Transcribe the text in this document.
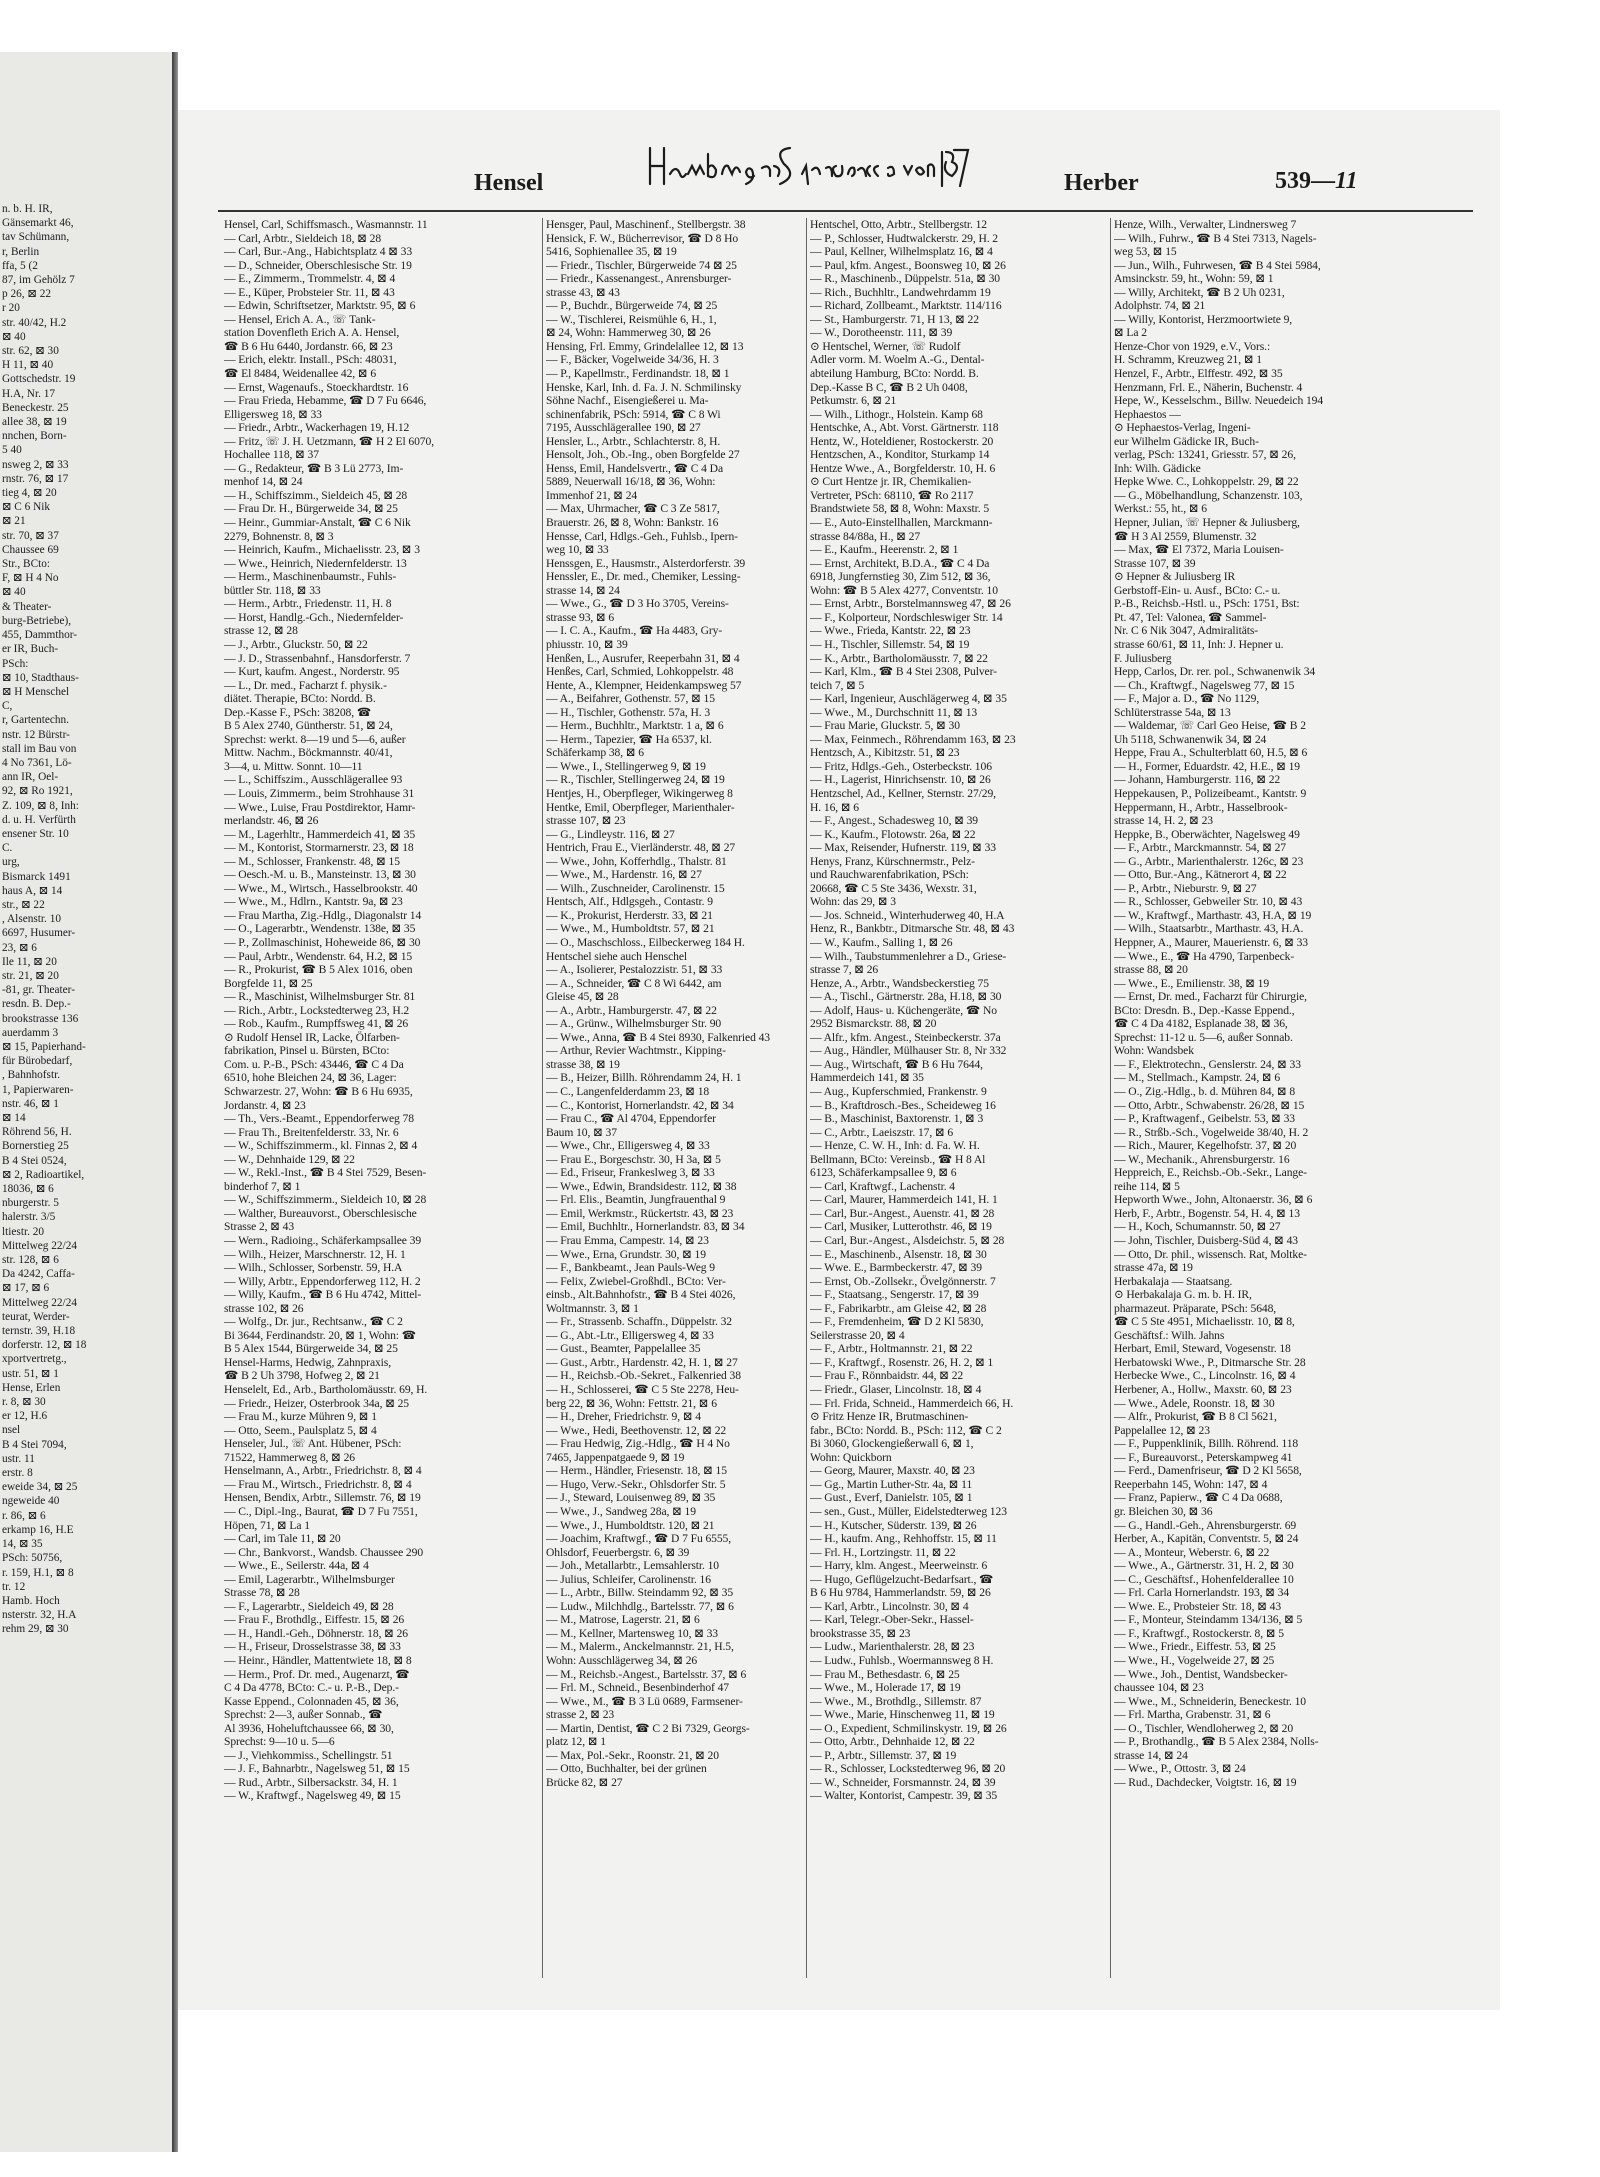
n. b. H. IR,
Gänsemarkt 46,
tav Schümann,
r, Berlin
ffa, 5 (2
87, im Gehölz 7
p 26, ⊠ 22
r 20
str. 40/42, H.2
⊠ 40
str. 62, ⊠ 30
H 11, ⊠ 40
Gottschedstr. 19
H.A, Nr. 17
Beneckestr. 25
allee 38, ⊠ 19
nnchen, Born-
5 40
nsweg 2, ⊠ 33
rnstr. 76, ⊠ 17
tieg 4, ⊠ 20
⊠ C 6 Nik
⊠ 21
str. 70, ⊠ 37
Chaussee 69
Str., BCto:
F, ⊠ H 4 No
⊠ 40
& Theater-
burg-Betriebe),
455, Dammthor-
er IR, Buch-
PSch:
⊠ 10, Stadthaus-
⊠ H Menschel
C,
r, Gartentechn.
nstr. 12 Bürstr-
stall im Bau von
4 No 7361, Lö-
ann IR, Oel-
92, ⊠ Ro 1921,
Z. 109, ⊠ 8, Inh:
d. u. H. Verfürth
ensener Str. 10
C.
urg,
Bismarck 1491
haus A, ⊠ 14
str., ⊠ 22
, Alsenstr. 10
6697, Husumer-
23, ⊠ 6
Ile 11, ⊠ 20
str. 21, ⊠ 20
-81, gr. Theater-
resdn. B. Dep.-
brookstrasse 136
auerdamm 3
⊠ 15, Papierhand-
für Bürobedarf,
, Bahnhofstr.
1, Papierwaren-
nstr. 46, ⊠ 1
⊠ 14
Röhrend 56, H.
Bornerstieg 25
B 4 Stei 0524,
⊠ 2, Radioartikel,
18036, ⊠ 6
nburgerstr. 5
halerstr. 3/5
ltiestr. 20
Mittelweg 22/24
str. 128, ⊠ 6
Da 4242, Caffa-
⊠ 17, ⊠ 6
Mittelweg 22/24
teurat, Werder-
ternstr. 39, H.18
dorferstr. 12, ⊠ 18
xportvertretg.,
ustr. 51, ⊠ 1
Hense, Erlen
r. 8, ⊠ 30
er 12, H.6
nsel
B 4 Stei 7094,
ustr. 11
erstr. 8
eweide 34, ⊠ 25
ngeweide 40
r. 86, ⊠ 6
erkamp 16, H.E
14, ⊠ 35
PSch: 50756,
r. 159, H.1, ⊠ 8
tr. 12
Hamb. Hoch
nsterstr. 32, H.A
rehm 29, ⊠ 30
Hensel	Herber	539—11
Hensel, Carl, Schiffsmasch., Wasmannstr. 11
— Carl, Arbtr., Sieldeich 18, ⊠ 28
— Carl, Bur.-Ang., Habichtsplatz 4 ⊠ 33
— D., Schneider, Oberschlesische Str. 19
— E., Zimmerm., Trommelstr. 4, ⊠ 4
— E., Küper, Probsteier Str. 11, ⊠ 43
— Edwin, Schriftsetzer, Marktstr. 95, ⊠ 6
— Hensel, Erich A. A., ☏ Tank-
station Dovenfleth Erich A. A. Hensel,
☎ B 6 Hu 6440, Jordanstr. 66, ⊠ 23
— Erich, elektr. Install., PSch: 48031,
☎ El 8484, Weidenallee 42, ⊠ 6
— Ernst, Wagenaufs., Stoeckhardtstr. 16
— Frau Frieda, Hebamme, ☎ D 7 Fu 6646,
Elligersweg 18, ⊠ 33
— Friedr., Arbtr., Wackerhagen 19, H.12
— Fritz, ☏ J. H. Uetzmann, ☎ H 2 El 6070,
Hochallee 118, ⊠ 37
— G., Redakteur, ☎ B 3 Lü 2773, Im-
menhof 14, ⊠ 24
— H., Schiffszimm., Sieldeich 45, ⊠ 28
— Frau Dr. H., Bürgerweide 34, ⊠ 25
— Heinr., Gummiar-Anstalt, ☎ C 6 Nik
2279, Bohnenstr. 8, ⊠ 3
— Heinrich, Kaufm., Michaelisstr. 23, ⊠ 3
— Wwe., Heinrich, Niedernfelderstr. 13
— Herm., Maschinenbaumstr., Fuhls-
büttler Str. 118, ⊠ 33
— Herm., Arbtr., Friedenstr. 11, H. 8
— Horst, Handlg.-Gch., Niedernfelder-
strasse 12, ⊠ 28
— J., Arbtr., Gluckstr. 50, ⊠ 22
— J. D., Strassenbahnf., Hansdorferstr. 7
— Kurt, kaufm. Angest., Norderstr. 95
— L., Dr. med., Facharzt f. physik.-
diätet. Therapie, BCto: Nordd. B.
Dep.-Kasse F., PSch: 38208, ☎
B 5 Alex 2740, Güntherstr. 51, ⊠ 24,
Sprechst: werkt. 8—19 und 5—6, außer
Mittw. Nachm., Böckmannstr. 40/41,
3—4, u. Mittw. Sonnt. 10—11
— L., Schiffszim., Ausschlägerallee 93
— Louis, Zimmerm., beim Strohhause 31
— Wwe., Luise, Frau Postdirektor, Hamr-
merlandstr. 46, ⊠ 26
— M., Lagerhltr., Hammerdeich 41, ⊠ 35
— M., Kontorist, Stormarnerstr. 23, ⊠ 18
— M., Schlosser, Frankenstr. 48, ⊠ 15
— Oesch.-M. u. B., Mansteinstr. 13, ⊠ 30
— Wwe., M., Wirtsch., Hasselbrookstr. 40
— Wwe., M., Hdlrn., Kantstr. 9a, ⊠ 23
— Frau Martha, Zig.-Hdlg., Diagonalstr 14
— O., Lagerarbtr., Wendenstr. 138e, ⊠ 35
— P., Zollmaschinist, Hoheweide 86, ⊠ 30
— Paul, Arbtr., Wendenstr. 64, H.2, ⊠ 15
— R., Prokurist, ☎ B 5 Alex 1016, oben
Borgfelde 11, ⊠ 25
— R., Maschinist, Wilhelmsburger Str. 81
— Rich., Arbtr., Lockstedterweg 23, H.2
— Rob., Kaufm., Rumpffsweg 41, ⊠ 26
⊙ Rudolf Hensel IR, Lacke, Ölfarben-
fabrikation, Pinsel u. Bürsten, BCto:
Com. u. P.-B., PSch: 43446, ☎ C 4 Da
6510, hohe Bleichen 24, ⊠ 36, Lager:
Schwarzestr. 27, Wohn: ☎ B 6 Hu 6935,
Jordanstr. 4, ⊠ 23
— Th., Vers.-Beamt., Eppendorferweg 78
— Frau Th., Breitenfelderstr. 33, Nr. 6
— W., Schiffszimmerm., kl. Finnas 2, ⊠ 4
— W., Dehnhaide 129, ⊠ 22
— W., Rekl.-Inst., ☎ B 4 Stei 7529, Besen-
binderhof 7, ⊠ 1
— W., Schiffszimmerm., Sieldeich 10, ⊠ 28
— Walther, Bureauvorst., Oberschlesische
Strasse 2, ⊠ 43
— Wern., Radioing., Schäferkampsallee 39
— Wilh., Heizer, Marschnerstr. 12, H. 1
— Wilh., Schlosser, Sorbenstr. 59, H.A
— Willy, Arbtr., Eppendorferweg 112, H. 2
— Willy, Kaufm., ☎ B 6 Hu 4742, Mittel-
strasse 102, ⊠ 26
— Wolfg., Dr. jur., Rechtsanw., ☎ C 2
Bi 3644, Ferdinandstr. 20, ⊠ 1, Wohn: ☎
B 5 Alex 1544, Bürgerweide 34, ⊠ 25
Hensel-Harms, Hedwig, Zahnpraxis,
☎ B 2 Uh 3798, Hofweg 2, ⊠ 21
Henselelt, Ed., Arb., Bartholomäusstr. 69, H.
— Friedr., Heizer, Osterbrook 34a, ⊠ 25
— Frau M., kurze Mühren 9, ⊠ 1
— Otto, Seem., Paulsplatz 5, ⊠ 4
Henseler, Jul., ☏ Ant. Hübener, PSch:
71522, Hammerweg 8, ⊠ 26
Henselmann, A., Arbtr., Friedrichstr. 8, ⊠ 4
— Frau M., Wirtsch., Friedrichstr. 8, ⊠ 4
Hensen, Bendix, Arbtr., Sillemstr. 76, ⊠ 19
— C., Dipl.-Ing., Baurat, ☎ D 7 Fu 7551,
Höpen, 71, ⊠ La 1
— Carl, im Tale 11, ⊠ 20
— Chr., Bankvorst., Wandsb. Chaussee 290
— Wwe., E., Seilerstr. 44a, ⊠ 4
— Emil, Lagerarbtr., Wilhelmsburger
Strasse 78, ⊠ 28
— F., Lagerarbtr., Sieldeich 49, ⊠ 28
— Frau F., Brothdlg., Eiffestr. 15, ⊠ 26
— H., Handl.-Geh., Döhnerstr. 18, ⊠ 26
— H., Friseur, Drosselstrasse 38, ⊠ 33
— Heinr., Händler, Mattentwiete 18, ⊠ 8
— Herm., Prof. Dr. med., Augenarzt, ☎
C 4 Da 4778, BCto: C.- u. P.-B., Dep.-
Kasse Eppend., Colonnaden 45, ⊠ 36,
Sprechst: 2—3, außer Sonnab., ☎
Al 3936, Hoheluftchaussee 66, ⊠ 30,
Sprechst: 9—10 u. 5—6
— J., Viehkommiss., Schellingstr. 51
— J. F., Bahnarbtr., Nagelsweg 51, ⊠ 15
— Rud., Arbtr., Silbersackstr. 34, H. 1
— W., Kraftwgf., Nagelsweg 49, ⊠ 15
Hensger, Paul, Maschinenf., Stellbergstr. 38
Hensick, F. W., Bücherrevisor, ☎ D 8 Ho
5416, Sophienallee 35, ⊠ 19
— Friedr., Tischler, Bürgerweide 74 ⊠ 25
— Friedr., Kassenangest., Anrensburger-
strasse 43, ⊠ 43
— P., Buchdr., Bürgerweide 74, ⊠ 25
— W., Tischlerei, Reismühle 6, H., 1,
⊠ 24, Wohn: Hammerweg 30, ⊠ 26
Hensing, Frl. Emmy, Grindelallee 12, ⊠ 13
— F., Bäcker, Vogelweide 34/36, H. 3
— P., Kapellmstr., Ferdinandstr. 18, ⊠ 1
Henske, Karl, Inh. d. Fa. J. N. Schmilinsky
Söhne Nachf., Eisengießerei u. Ma-
schinenfabrik, PSch: 5914, ☎ C 8 Wi
7195, Ausschlägerallee 190, ⊠ 27
Hensler, L., Arbtr., Schlachterstr. 8, H.
Hensolt, Joh., Ob.-Ing., oben Borgfelde 27
Henss, Emil, Handelsvertr., ☎ C 4 Da
5889, Neuerwall 16/18, ⊠ 36, Wohn:
Immenhof 21, ⊠ 24
— Max, Uhrmacher, ☎ C 3 Ze 5817,
Brauerstr. 26, ⊠ 8, Wohn: Bankstr. 16
Hensse, Carl, Hdlgs.-Geh., Fuhlsb., Ipern-
weg 10, ⊠ 33
Henssgen, E., Hausmstr., Alsterdorferstr. 39
Henssler, E., Dr. med., Chemiker, Lessing-
strasse 14, ⊠ 24
— Wwe., G., ☎ D 3 Ho 3705, Vereins-
strasse 93, ⊠ 6
— I. C. A., Kaufm., ☎ Ha 4483, Gry-
phiusstr. 10, ⊠ 39
Henßen, L., Ausrufer, Reeperbahn 31, ⊠ 4
Henßes, Carl, Schmied, Lohkoppelstr. 48
Hente, A., Klempner, Heidenkampsweg 57
— A., Beifahrer, Gothenstr. 57, ⊠ 15
— H., Tischler, Gothenstr. 57a, H. 3
— Herm., Buchhltr., Marktstr. 1 a, ⊠ 6
— Herm., Tapezier, ☎ Ha 6537, kl.
Schäferkamp 38, ⊠ 6
— Wwe., I., Stellingerweg 9, ⊠ 19
— R., Tischler, Stellingerweg 24, ⊠ 19
Hentjes, H., Oberpfleger, Wikingerweg 8
Hentke, Emil, Oberpfleger, Marienthaler-
strasse 107, ⊠ 23
— G., Lindleystr. 116, ⊠ 27
Hentrich, Frau E., Vierländerstr. 48, ⊠ 27
— Wwe., John, Kofferhdlg., Thalstr. 81
— Wwe., M., Hardenstr. 16, ⊠ 27
— Wilh., Zuschneider, Carolinenstr. 15
Hentsch, Alf., Hdlgsgeh., Contastr. 9
— K., Prokurist, Herderstr. 33, ⊠ 21
— Wwe., M., Humboldtstr. 57, ⊠ 21
— O., Maschschloss., Eilbeckerweg 184 H.
Hentschel siehe auch Henschel
— A., Isolierer, Pestalozzistr. 51, ⊠ 33
— A., Schneider, ☎ C 8 Wi 6442, am
Gleise 45, ⊠ 28
— A., Arbtr., Hamburgerstr. 47, ⊠ 22
— A., Grünw., Wilhelmsburger Str. 90
— Wwe., Anna, ☎ B 4 Stei 8930, Falkenried 43
— Arthur, Revier Wachtmstr., Kipping-
strasse 38, ⊠ 19
— B., Heizer, Billh. Röhrendamm 24, H. 1
— C., Langenfelderdamm 23, ⊠ 18
— C., Kontorist, Hornerlandstr. 42, ⊠ 34
— Frau C., ☎ Al 4704, Eppendorfer
Baum 10, ⊠ 37
— Wwe., Chr., Elligersweg 4, ⊠ 33
— Frau E., Borgeschstr. 30, H 3a, ⊠ 5
— Ed., Friseur, Frankeslweg 3, ⊠ 33
— Wwe., Edwin, Brandsidestr. 112, ⊠ 38
— Frl. Elis., Beamtin, Jungfrauenthal 9
— Emil, Werkmstr., Rückertstr. 43, ⊠ 23
— Emil, Buchhltr., Hornerlandstr. 83, ⊠ 34
— Frau Emma, Campestr. 14, ⊠ 23
— Wwe., Erna, Grundstr. 30, ⊠ 19
— F., Bankbeamt., Jean Pauls-Weg 9
— Felix, Zwiebel-Großhdl., BCto: Ver-
einsb., Alt.Bahnhofstr., ☎ B 4 Stei 4026,
Woltmannstr. 3, ⊠ 1
— Fr., Strassenb. Schaffn., Düppelstr. 32
— G., Abt.-Ltr., Elligersweg 4, ⊠ 33
— Gust., Beamter, Pappelallee 35
— Gust., Arbtr., Hardenstr. 42, H. 1, ⊠ 27
— H., Reichsb.-Ob.-Sekret., Falkenried 38
— H., Schlosserei, ☎ C 5 Ste 2278, Heu-
berg 22, ⊠ 36, Wohn: Fettstr. 21, ⊠ 6
— H., Dreher, Friedrichstr. 9, ⊠ 4
— Wwe., Hedi, Beethovenstr. 12, ⊠ 22
— Frau Hedwig, Zig.-Hdlg., ☎ H 4 No
7465, Jappenpatgaede 9, ⊠ 19
— Herm., Händler, Friesenstr. 18, ⊠ 15
— Hugo, Verw.-Sekr., Ohlsdorfer Str. 5
— J., Steward, Louisenweg 89, ⊠ 35
— Wwe., J., Sandweg 28a, ⊠ 19
— Wwe., J., Humboldtstr. 120, ⊠ 21
— Joachim, Kraftwgf., ☎ D 7 Fu 6555,
Ohlsdorf, Feuerbergstr. 6, ⊠ 39
— Joh., Metallarbtr., Lemsahlerstr. 10
— Julius, Schleifer, Carolinenstr. 16
— L., Arbtr., Billw. Steindamm 92, ⊠ 35
— Ludw., Milchhdlg., Bartelsstr. 77, ⊠ 6
— M., Matrose, Lagerstr. 21, ⊠ 6
— M., Kellner, Martensweg 10, ⊠ 33
— M., Malerm., Anckelmannstr. 21, H.5,
Wohn: Ausschlägerweg 34, ⊠ 26
— M., Reichsb.-Angest., Bartelsstr. 37, ⊠ 6
— Frl. M., Schneid., Besenbinderhof 47
— Wwe., M., ☎ B 3 Lü 0689, Farmsener-
strasse 2, ⊠ 23
— Martin, Dentist, ☎ C 2 Bi 7329, Georgs-
platz 12, ⊠ 1
— Max, Pol.-Sekr., Roonstr. 21, ⊠ 20
— Otto, Buchhalter, bei der grünen
Brücke 82, ⊠ 27
Hentschel, Otto, Arbtr., Stellbergstr. 12
— P., Schlosser, Hudtwalckerstr. 29, H. 2
— Paul, Kellner, Wilhelmsplatz 16, ⊠ 4
— Paul, kfm. Angest., Boonsweg 10, ⊠ 26
— R., Maschinenb., Düppelstr. 51a, ⊠ 30
— Rich., Buchhltr., Landwehrdamm 19
— Richard, Zollbeamt., Marktstr. 114/116
— St., Hamburgerstr. 71, H 13, ⊠ 22
— W., Dorotheenstr. 111, ⊠ 39
⊙ Hentschel, Werner, ☏ Rudolf
Adler vorm. M. Woelm A.-G., Dental-
abteilung Hamburg, BCto: Nordd. B.
Dep.-Kasse B C, ☎ B 2 Uh 0408,
Petkumstr. 6, ⊠ 21
— Wilh., Lithogr., Holstein. Kamp 68
Hentschke, A., Abt. Vorst. Gärtnerstr. 118
Hentz, W., Hoteldiener, Rostockerstr. 20
Hentzschen, A., Konditor, Sturkamp 14
Hentze Wwe., A., Borgfelderstr. 10, H. 6
⊙ Curt Hentze jr. IR, Chemikalien-
Vertreter, PSch: 68110, ☎ Ro 2117
Brandstwiete 58, ⊠ 8, Wohn: Maxstr. 5
— E., Auto-Einstellhallen, Marckmann-
strasse 84/88a, H., ⊠ 27
— E., Kaufm., Heerenstr. 2, ⊠ 1
— Ernst, Architekt, B.D.A., ☎ C 4 Da
6918, Jungfernstieg 30, Zim 512, ⊠ 36,
Wohn: ☎ B 5 Alex 4277, Conventstr. 10
— Ernst, Arbtr., Borstelmannsweg 47, ⊠ 26
— F., Kolporteur, Nordschleswiger Str. 14
— Wwe., Frieda, Kantstr. 22, ⊠ 23
— H., Tischler, Sillemstr. 54, ⊠ 19
— K., Arbtr., Bartholomäusstr. 7, ⊠ 22
— Karl, Klm., ☎ B 4 Stei 2308, Pulver-
teich 7, ⊠ 5
— Karl, Ingenieur, Auschlägerweg 4, ⊠ 35
— Wwe., M., Durchschnitt 11, ⊠ 13
— Frau Marie, Gluckstr. 5, ⊠ 30
— Max, Feinmech., Röhrendamm 163, ⊠ 23
Hentzsch, A., Kibitzstr. 51, ⊠ 23
— Fritz, Hdlgs.-Geh., Osterbeckstr. 106
— H., Lagerist, Hinrichsenstr. 10, ⊠ 26
Hentzschel, Ad., Kellner, Sternstr. 27/29,
H. 16, ⊠ 6
— F., Angest., Schadesweg 10, ⊠ 39
— K., Kaufm., Flotowstr. 26a, ⊠ 22
— Max, Reisender, Hufnerstr. 119, ⊠ 33
Henys, Franz, Kürschnermstr., Pelz-
und Rauchwarenfabrikation, PSch:
20668, ☎ C 5 Ste 3436, Wexstr. 31,
Wohn: das 29, ⊠ 3
— Jos. Schneid., Winterhuderweg 40, H.A
Henz, R., Bankbtr., Ditmarsche Str. 48, ⊠ 43
— W., Kaufm., Salling 1, ⊠ 26
— Wilh., Taubstummenlehrer a D., Griese-
strasse 7, ⊠ 26
Henze, A., Arbtr., Wandsbeckerstieg 75
— A., Tischl., Gärtnerstr. 28a, H.18, ⊠ 30
— Adolf, Haus- u. Küchengeräte, ☎ No
2952 Bismarckstr. 88, ⊠ 20
— Alfr., kfm. Angest., Steinbeckerstr. 37a
— Aug., Händler, Mülhauser Str. 8, Nr 332
— Aug., Wirtschaft, ☎ B 6 Hu 7644,
Hammerdeich 141, ⊠ 35
— Aug., Kupferschmied, Frankenstr. 9
— B., Kraftdrosch.-Bes., Scheideweg 16
— B., Maschinist, Baxtorenstr. 1, ⊠ 3
— C., Arbtr., Laeiszstr. 17, ⊠ 6
— Henze, C. W. H., Inh: d. Fa. W. H.
Bellmann, BCto: Vereinsb., ☎ H 8 Al
6123, Schäferkampsallee 9, ⊠ 6
— Carl, Kraftwgf., Lachenstr. 4
— Carl, Maurer, Hammerdeich 141, H. 1
— Carl, Bur.-Angest., Auenstr. 41, ⊠ 28
— Carl, Musiker, Lutterothstr. 46, ⊠ 19
— Carl, Bur.-Angest., Alsdeichstr. 5, ⊠ 28
— E., Maschinenb., Alsenstr. 18, ⊠ 30
— Wwe. E., Barmbeckerstr. 47, ⊠ 39
— Ernst, Ob.-Zollsekr., Övelgönnerstr. 7
— F., Staatsang., Sengerstr. 17, ⊠ 39
— F., Fabrikarbtr., am Gleise 42, ⊠ 28
— F., Fremdenheim, ☎ D 2 Kl 5830,
Seilerstrasse 20, ⊠ 4
— F., Arbtr., Holtmannstr. 21, ⊠ 22
— F., Kraftwgf., Rosenstr. 26, H. 2, ⊠ 1
— Frau F., Rönnbaidstr. 44, ⊠ 22
— Friedr., Glaser, Lincolnstr. 18, ⊠ 4
— Frl. Frida, Schneid., Hammerdeich 66, H.
⊙ Fritz Henze IR, Brutmaschinen-
fabr., BCto: Nordd. B., PSch: 112, ☎ C 2
Bi 3060, Glockengießerwall 6, ⊠ 1,
Wohn: Quickborn
— Georg, Maurer, Maxstr. 40, ⊠ 23
— Gg., Martin Luther-Str. 4a, ⊠ 11
— Gust., Everf, Danielstr. 105, ⊠ 1
— sen., Gust., Müller, Eidelstedterweg 123
— H., Kutscher, Süderstr. 139, ⊠ 26
— H., kaufm. Ang., Rehhoffstr. 15, ⊠ 11
— Frl. H., Lortzingstr. 11, ⊠ 22
— Harry, klm. Angest., Meerweinstr. 6
— Hugo, Geflügelzucht-Bedarfsart., ☎
B 6 Hu 9784, Hammerlandstr. 59, ⊠ 26
— Karl, Arbtr., Lincolnstr. 30, ⊠ 4
— Karl, Telegr.-Ober-Sekr., Hassel-
brookstrasse 35, ⊠ 23
— Ludw., Marienthalerstr. 28, ⊠ 23
— Ludw., Fuhlsb., Woermannsweg 8 H.
— Frau M., Bethesdastr. 6, ⊠ 25
— Wwe., M., Holerade 17, ⊠ 19
— Wwe., M., Brothdlg., Sillemstr. 87
— Wwe., Marie, Hinschenweg 11, ⊠ 19
— O., Expedient, Schmilinskystr. 19, ⊠ 26
— Otto, Arbtr., Dehnhaide 12, ⊠ 22
— P., Arbtr., Sillemstr. 37, ⊠ 19
— R., Schlosser, Lockstedterweg 96, ⊠ 20
— W., Schneider, Forsmannstr. 24, ⊠ 39
— Walter, Kontorist, Campestr. 39, ⊠ 35
Henze, Wilh., Verwalter, Lindnersweg 7
— Wilh., Fuhrw., ☎ B 4 Stei 7313, Nagels-
weg 53, ⊠ 15
— Jun., Wilh., Fuhrwesen, ☎ B 4 Stei 5984,
Amsinckstr. 59, ht., Wohn: 59, ⊠ 1
— Willy, Architekt, ☎ B 2 Uh 0231,
Adolphstr. 74, ⊠ 21
— Willy, Kontorist, Herzmoortwiete 9,
⊠ La 2
Henze-Chor von 1929, e.V., Vors.:
H. Schramm, Kreuzweg 21, ⊠ 1
Henzel, F., Arbtr., Elffestr. 492, ⊠ 35
Henzmann, Frl. E., Näherin, Buchenstr. 4
Hepe, W., Kesselschm., Billw. Neuedeich 194
Hephaestos —
⊙ Hephaestos-Verlag, Ingeni-
eur Wilhelm Gädicke IR, Buch-
verlag, PSch: 13241, Griesstr. 57, ⊠ 26,
Inh: Wilh. Gädicke
Hepke Wwe. C., Lohkoppelstr. 29, ⊠ 22
— G., Möbelhandlung, Schanzenstr. 103,
Werkst.: 55, ht., ⊠ 6
Hepner, Julian, ☏ Hepner & Juliusberg,
☎ H 3 Al 2559, Blumenstr. 32
— Max, ☎ El 7372, Maria Louisen-
Strasse 107, ⊠ 39
⊙ Hepner & Juliusberg IR
Gerbstoff-Ein- u. Ausf., BCto: C.- u.
P.-B., Reichsb.-Hstl. u., PSch: 1751, Bst:
Pt. 47, Tel: Valonea, ☎ Sammel-
Nr. C 6 Nik 3047, Admiralitäts-
strasse 60/61, ⊠ 11, Inh: J. Hepner u.
F. Juliusberg
Hepp, Carlos, Dr. rer. pol., Schwanenwik 34
— Ch., Kraftwgf., Nagelsweg 77, ⊠ 15
— F., Major a. D., ☎ No 1129,
Schlüterstrasse 54a, ⊠ 13
— Waldemar, ☏ Carl Geo Heise, ☎ B 2
Uh 5118, Schwanenwik 34, ⊠ 24
Heppe, Frau A., Schulterblatt 60, H.5, ⊠ 6
— H., Former, Eduardstr. 42, H.E., ⊠ 19
— Johann, Hamburgerstr. 116, ⊠ 22
Heppekausen, P., Polizeibeamt., Kantstr. 9
Heppermann, H., Arbtr., Hasselbrook-
strasse 14, H. 2, ⊠ 23
Heppke, B., Oberwächter, Nagelsweg 49
— F., Arbtr., Marckmannstr. 54, ⊠ 27
— G., Arbtr., Marienthalerstr. 126c, ⊠ 23
— Otto, Bur.-Ang., Kätnerort 4, ⊠ 22
— P., Arbtr., Nieburstr. 9, ⊠ 27
— R., Schlosser, Gebweiler Str. 10, ⊠ 43
— W., Kraftwgf., Marthastr. 43, H.A, ⊠ 19
— Wilh., Staatsarbtr., Marthastr. 43, H.A.
Heppner, A., Maurer, Mauerienstr. 6, ⊠ 33
— Wwe., E., ☎ Ha 4790, Tarpenbeck-
strasse 88, ⊠ 20
— Wwe., E., Emilienstr. 38, ⊠ 19
— Ernst, Dr. med., Facharzt für Chirurgie,
BCto: Dresdn. B., Dep.-Kasse Eppend.,
☎ C 4 Da 4182, Esplanade 38, ⊠ 36,
Sprechst: 11-12 u. 5—6, außer Sonnab.
Wohn: Wandsbek
— F., Elektrotechn., Genslerstr. 24, ⊠ 33
— M., Stellmach., Kampstr. 24, ⊠ 6
— O., Zig.-Hdlg., b. d. Mühren 84, ⊠ 8
— Otto, Arbtr., Schwabenstr. 26/28, ⊠ 15
— P., Kraftwagenf., Geibelstr. 53, ⊠ 33
— R., Strßb.-Sch., Vogelweide 38/40, H. 2
— Rich., Maurer, Kegelhofstr. 37, ⊠ 20
— W., Mechanik., Ahrensburgerstr. 16
Heppreich, E., Reichsb.-Ob.-Sekr., Lange-
reihe 114, ⊠ 5
Hepworth Wwe., John, Altonaerstr. 36, ⊠ 6
Herb, F., Arbtr., Bogenstr. 54, H. 4, ⊠ 13
— H., Koch, Schumannstr. 50, ⊠ 27
— John, Tischler, Duisberg-Süd 4, ⊠ 43
— Otto, Dr. phil., wissensch. Rat, Moltke-
strasse 47a, ⊠ 19
Herbakalaja — Staatsang.
⊙ Herbakalaja G. m. b. H. IR,
pharmazeut. Präparate, PSch: 5648,
☎ C 5 Ste 4951, Michaelisstr. 10, ⊠ 8,
Geschäftsf.: Wilh. Jahns
Herbart, Emil, Steward, Vogesenstr. 18
Herbatowski Wwe., P., Ditmarsche Str. 28
Herbecke Wwe., C., Lincolnstr. 16, ⊠ 4
Herbener, A., Hollw., Maxstr. 60, ⊠ 23
— Wwe., Adele, Roonstr. 18, ⊠ 30
— Alfr., Prokurist, ☎ B 8 Cl 5621,
Pappelallee 12, ⊠ 23
— F., Puppenklinik, Billh. Röhrend. 118
— F., Bureauvorst., Peterskampweg 41
— Ferd., Damenfriseur, ☎ D 2 Kl 5658,
Reeperbahn 145, Wohn: 147, ⊠ 4
— Franz, Papierw., ☎ C 4 Da 0688,
gr. Bleichen 30, ⊠ 36
— G., Handl.-Geh., Ahrensburgerstr. 69
Herber, A., Kapitän, Conventstr. 5, ⊠ 24
— A., Monteur, Weberstr. 6, ⊠ 22
— Wwe., A., Gärtnerstr. 31, H. 2, ⊠ 30
— C., Geschäftsf., Hohenfelderallee 10
— Frl. Carla Hornerlandstr. 193, ⊠ 34
— Wwe. E., Probsteier Str. 18, ⊠ 43
— F., Monteur, Steindamm 134/136, ⊠ 5
— F., Kraftwgf., Rostockerstr. 8, ⊠ 5
— Wwe., Friedr., Eiffestr. 53, ⊠ 25
— Wwe., H., Vogelweide 27, ⊠ 25
— Wwe., Joh., Dentist, Wandsbecker-
chaussee 104, ⊠ 23
— Wwe., M., Schneiderin, Beneckestr. 10
— Frl. Martha, Grabenstr. 31, ⊠ 6
— O., Tischler, Wendloherweg 2, ⊠ 20
— P., Brothandlg., ☎ B 5 Alex 2384, Nolls-
strasse 14, ⊠ 24
— Wwe., P., Ottostr. 3, ⊠ 24
— Rud., Dachdecker, Voigtstr. 16, ⊠ 19
